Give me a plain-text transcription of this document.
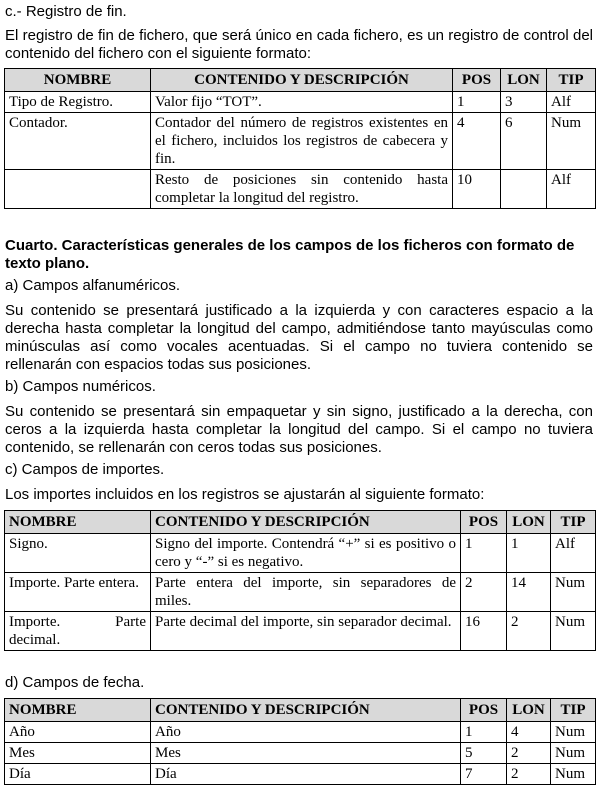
c.- Registro de fin.

El registro de fin de fichero, que será único en cada fichero, es un registro de control del contenido del fichero con el siguiente formato:

NOMBRE	CONTENIDO Y DESCRIPCIÓN	POS	LON	TIP
Tipo de Registro.	Valor fijo “TOT”.	1	3	Alf
Contador.	Contador del número de registros existentes en el fichero, incluidos los registros de cabecera y fin.	4	6	Num
	Resto de posiciones sin contenido hasta completar la longitud del registro.	10		Alf

Cuarto. Características generales de los campos de los ficheros con formato de texto plano.

a) Campos alfanuméricos.

Su contenido se presentará justificado a la izquierda y con caracteres espacio a la derecha hasta completar la longitud del campo, admitiéndose tanto mayúsculas como minúsculas así como vocales acentuadas. Si el campo no tuviera contenido se rellenarán con espacios todas sus posiciones.

b) Campos numéricos.

Su contenido se presentará sin empaquetar y sin signo, justificado a la derecha, con ceros a la izquierda hasta completar la longitud del campo. Si el campo no tuviera contenido, se rellenarán con ceros todas sus posiciones.

c) Campos de importes.

Los importes incluidos en los registros se ajustarán al siguiente formato:

NOMBRE	CONTENIDO Y DESCRIPCIÓN	POS	LON	TIP
Signo.	Signo del importe. Contendrá “+” si es positivo o cero y “-” si es negativo.	1	1	Alf
Importe. Parte entera.	Parte entera del importe, sin separadores de miles.	2	14	Num
Importe. Parte decimal.	Parte decimal del importe, sin separador decimal.	16	2	Num

d) Campos de fecha.

NOMBRE	CONTENIDO Y DESCRIPCIÓN	POS	LON	TIP
Año	Año	1	4	Num
Mes	Mes	5	2	Num
Día	Día	7	2	Num
